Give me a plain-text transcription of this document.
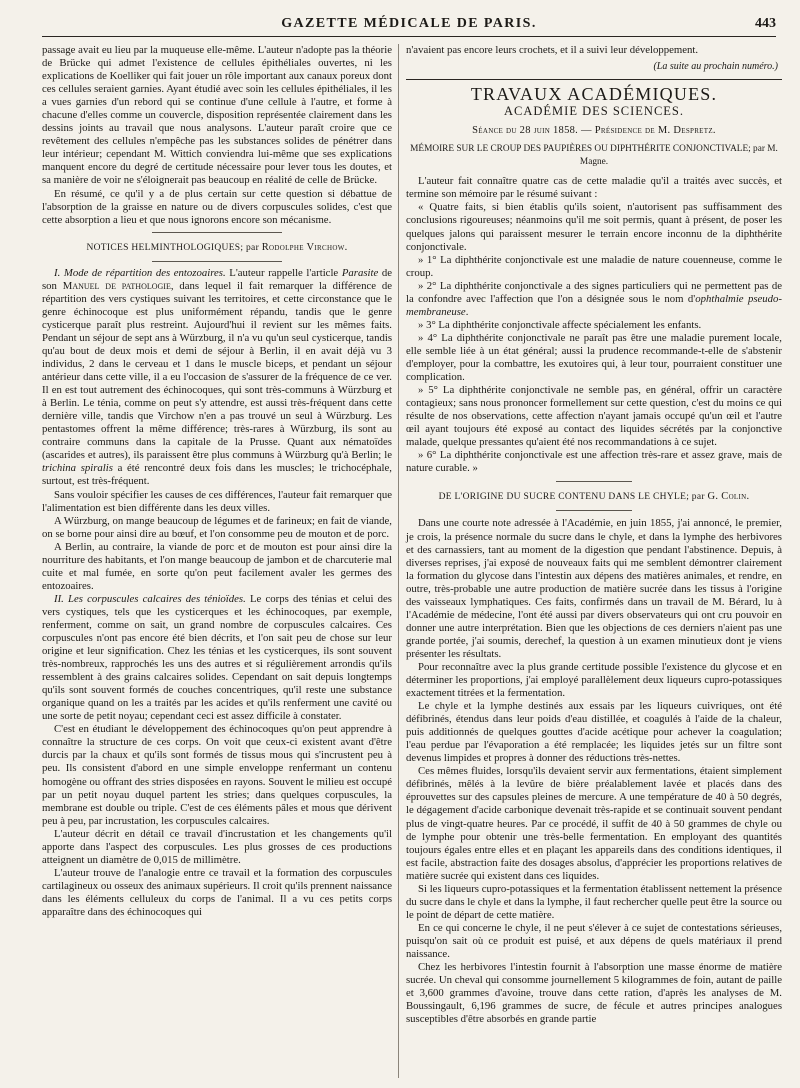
GAZETTE MÉDICALE DE PARIS.	443

passage avait eu lieu par la muqueuse elle-même. L'auteur n'adopte pas la théorie de Brücke qui admet l'existence de cellules épithéliales ouvertes, ni les explications de Koelliker qui fait jouer un rôle important aux canaux poreux dont ces cellules seraient garnies. Ayant étudié avec soin les cellules épithéliales, il les a vues garnies d'un rebord qui se continue d'une cellule à l'autre, et forme à chacune d'elles comme un couvercle, disposition représentée clairement dans les dessins joints au travail que nous analysons. L'auteur paraît croire que ce revêtement des cellules n'empêche pas les substances solides de pénétrer dans leur intérieur; cependant M. Wittich conviendra lui-même que ses explications manquent encore du degré de certitude nécessaire pour lever tous les doutes, et sa manière de voir ne s'éloignerait pas beaucoup en réalité de celle de Brücke.

En résumé, ce qu'il y a de plus certain sur cette question si débattue de l'absorption de la graisse en nature ou de divers corpuscules solides, c'est que cette absorption a lieu et que nous ignorons encore son mécanisme.

NOTICES HELMINTHOLOGIQUES; par Rodolphe Virchow.

I. Mode de répartition des entozoaires. L'auteur rappelle l'article Parasite de son Manuel de pathologie, dans lequel il fait remarquer la différence de répartition des vers cystiques suivant les territoires, et cette circonstance que le genre échinocoque est plus uniformément répandu, tandis que le genre cysticerque paraît plus restreint. Aujourd'hui il revient sur les mêmes faits. Pendant un séjour de sept ans à Würzburg, il n'a vu qu'un seul cysticerque, tandis qu'au bout de deux mois et demi de séjour à Berlin, il en avait déjà vu 3 individus, 2 dans le cerveau et 1 dans le muscle biceps, et pendant un séjour antérieur dans cette ville, il a eu l'occasion de s'assurer de la fréquence de ce ver. Il en est tout autrement des échinocoques, qui sont très-communs à Würzburg et à Berlin. Le ténia, comme on peut s'y attendre, est aussi très-fréquent dans cette dernière ville, tandis que Virchow n'en a pas trouvé un seul à Würzburg. Les pentastomes offrent la même différence; très-rares à Würzburg, ils sont au contraire communs dans la capitale de la Prusse. Quant aux nématoïdes (ascarides et autres), ils paraissent être plus communs à Würzburg qu'à Berlin; le trichina spiralis a été rencontré deux fois dans les muscles; le trichocéphale, surtout, est très-fréquent.

Sans vouloir spécifier les causes de ces différences, l'auteur fait remarquer que l'alimentation est bien différente dans les deux villes.

A Würzburg, on mange beaucoup de légumes et de farineux; en fait de viande, on se borne pour ainsi dire au bœuf, et l'on consomme peu de mouton et de porc.

A Berlin, au contraire, la viande de porc et de mouton est pour ainsi dire la nourriture des habitants, et l'on mange beaucoup de jambon et de charcuterie mal cuite et mal fumée, en sorte qu'on peut facilement avaler les germes des entozoaires.

II. Les corpuscules calcaires des ténioïdes. Le corps des ténias et celui des vers cystiques, tels que les cysticerques et les échinocoques, par exemple, renferment, comme on sait, un grand nombre de corpuscules calcaires. Ces corpuscules n'ont pas encore été bien décrits, et l'on sait peu de chose sur leur origine et leur signification. Chez les ténias et les cysticerques, ils sont souvent très-nombreux, rapprochés les uns des autres et si régulièrement arrondis qu'ils ressemblent à des grains calcaires solides. Cependant on sait depuis longtemps qu'ils sont souvent formés de couches concentriques, qu'il reste une substance organique quand on les a traités par les acides et qu'ils renferment une cavité ou une sorte de petit noyau; cependant ceci est assez difficile à constater.

C'est en étudiant le développement des échinocoques qu'on peut apprendre à connaître la structure de ces corps. On voit que ceux-ci existent avant d'être durcis par la chaux et qu'ils sont formés de tissus mous qui s'incrustent peu à peu. Ils consistent d'abord en une simple enveloppe renfermant un contenu homogène ou offrant des stries disposées en rayons. Souvent le milieu est occupé par un petit noyau duquel partent les stries; dans quelques corpuscules, la membrane est double ou triple. C'est de ces éléments pâles et mous que dérivent peu à peu, par incrustation, les corpuscules calcaires.

L'auteur décrit en détail ce travail d'incrustation et les changements qu'il apporte dans l'aspect des corpuscules. Les plus grosses de ces productions atteignent un diamètre de 0,015 de millimètre.

L'auteur trouve de l'analogie entre ce travail et la formation des corpuscules cartilagineux ou osseux des animaux supérieurs. Il croit qu'ils prennent naissance dans les éléments celluleux du corps de l'animal. Il a vu ces petits corps apparaître dans des échinocoques qui

n'avaient pas encore leurs crochets, et il a suivi leur développement.

(La suite au prochain numéro.)
TRAVAUX ACADÉMIQUES.
ACADÉMIE DES SCIENCES.
Séance du 28 juin 1858. — Présidence de M. Despretz.
MÉMOIRE SUR LE CROUP DES PAUPIÈRES OU DIPHTHÉRITE CONJONCTIVALE; par M. Magne.

L'auteur fait connaître quatre cas de cette maladie qu'il a traités avec succès, et termine son mémoire par le résumé suivant :

« Quatre faits, si bien établis qu'ils soient, n'autorisent pas suffisamment des conclusions rigoureuses; néanmoins qu'il me soit permis, quant à présent, de poser les quelques jalons qui paraissent mesurer le terrain encore inconnu de la diphthérite conjonctivale.

» 1° La diphthérite conjonctivale est une maladie de nature couenneuse, comme le croup.

» 2° La diphthérite conjonctivale a des signes particuliers qui ne permettent pas de la confondre avec l'affection que l'on a désignée sous le nom d'ophthalmie pseudo-membraneuse.

» 3° La diphthérite conjonctivale affecte spécialement les enfants.

» 4° La diphthérite conjonctivale ne paraît pas être une maladie purement locale, elle semble liée à un état général; aussi la prudence recommande-t-elle de s'abstenir d'employer, pour la combattre, les exutoires qui, à leur tour, pourraient constituer une complication.

» 5° La diphthérite conjonctivale ne semble pas, en général, offrir un caractère contagieux; sans nous prononcer formellement sur cette question, c'est du moins ce qui résulte de nos observations, cette affection n'ayant jamais occupé qu'un œil et l'autre œil ayant toujours été exposé au contact des liquides sécrétés par la conjonctive malade, quelque pressantes qu'aient été nos recommandations à ce sujet.

» 6° La diphthérite conjonctivale est une affection très-rare et assez grave, mais de nature curable. »

DE L'ORIGINE DU SUCRE CONTENU DANS LE CHYLE; par G. Colin.

Dans une courte note adressée à l'Académie, en juin 1855, j'ai annoncé, le premier, je crois, la présence normale du sucre dans le chyle, et dans la lymphe des herbivores et des carnassiers, tant au moment de la digestion que pendant l'abstinence. Depuis, à diverses reprises, j'ai exposé de nouveaux faits qui me semblent démontrer clairement la formation du glycose dans l'intestin aux dépens des matières animales, et rendre, en outre, très-probable une autre production de matière sucrée dans les tissus à l'origine des vaisseaux lymphatiques. Ces faits, confirmés dans un travail de M. Bérard, lu à l'Académie de médecine, l'ont été aussi par divers observateurs qui ont cru pouvoir en donner une autre interprétation. Bien que les objections de ces derniers n'aient pas une grande portée, j'ai soumis, derechef, la question à un examen minutieux dont je viens présenter les résultats.

Pour reconnaître avec la plus grande certitude possible l'existence du glycose et en déterminer les proportions, j'ai employé parallèlement deux liqueurs cupro-potassiques exactement titrées et la fermentation.

Le chyle et la lymphe destinés aux essais par les liqueurs cuivriques, ont été défibrinés, étendus dans leur poids d'eau distillée, et coagulés à l'aide de la chaleur, puis additionnés de quelques gouttes d'acide acétique pour achever la coagulation; l'eau perdue par l'évaporation a été remplacée; les liquides jetés sur un filtre sont devenus limpides et propres à donner des réductions très-nettes.

Ces mêmes fluides, lorsqu'ils devaient servir aux fermentations, étaient simplement défibrinés, mêlés à la levûre de bière préalablement lavée et placés dans des éprouvettes sur des capsules pleines de mercure. A une température de 40 à 50 degrés, le dégagement d'acide carbonique devenait très-rapide et se continuait souvent pendant plus de vingt-quatre heures. Par ce procédé, il suffit de 40 à 50 grammes de chyle ou de lymphe pour obtenir une très-belle fermentation. En employant des quantités toujours égales entre elles et en plaçant les appareils dans des conditions identiques, il est facile, abstraction faite des dosages absolus, d'apprécier les proportions relatives de matière sucrée qui existent dans ces liquides.

Si les liqueurs cupro-potassiques et la fermentation établissent nettement la présence du sucre dans le chyle et dans la lymphe, il faut rechercher quelle peut être la source ou le point de départ de cette matière.

En ce qui concerne le chyle, il ne peut s'élever à ce sujet de contestations sérieuses, puisqu'on sait où ce produit est puisé, et aux dépens de quels matériaux il prend naissance.

Chez les herbivores l'intestin fournit à l'absorption une masse énorme de matière sucrée. Un cheval qui consomme journellement 5 kilogrammes de foin, autant de paille et 3,600 grammes d'avoine, trouve dans cette ration, d'après les analyses de M. Boussingault, 6,196 grammes de sucre, de fécule et autres principes analogues susceptibles d'être absorbés en grande partie
